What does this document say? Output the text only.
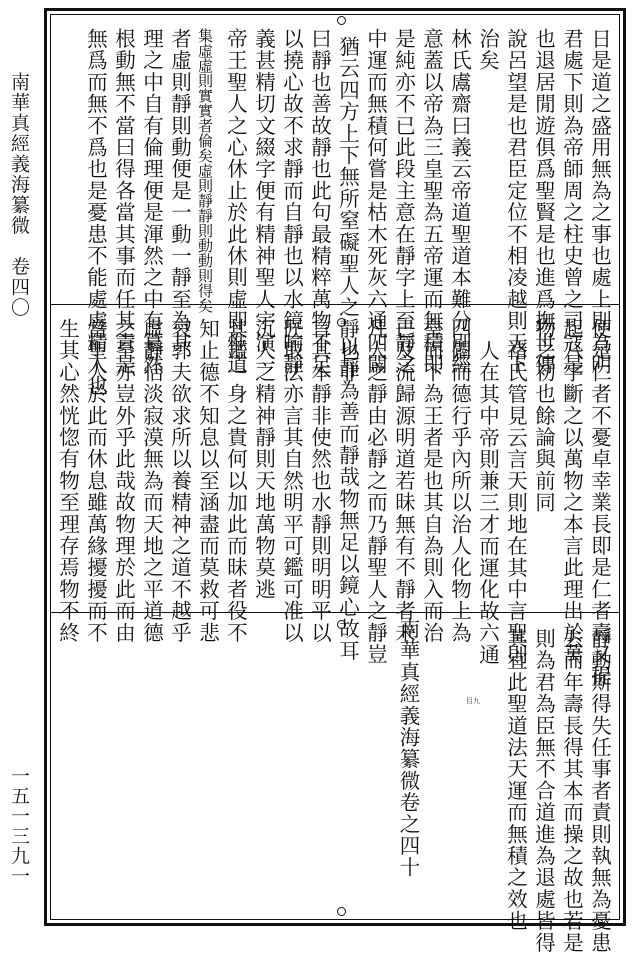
南華真經義海纂微　卷四〇
一五一三九一
日是道之盛用無為之事也處上則為明
君處下則為帝師周之柱史曾之司寇是
也退居閒遊俱爲聖賢是也進爲撫世傳
說呂望是也君臣定位不相凌越則天下
治矣
林氏鬳齋曰義云帝道聖道本難分別經
意蓋以帝為三皇聖為五帝運而無積即
是純亦不已此段主意在靜字上至靜之
中運而無積何嘗是枯木死灰六通四闢
猶云四方上下無所窒礙聖人之靜也非
曰靜也善故靜也此句最精粹萬物不足
以撓心故不求靜而自靜也以水鏡喻靜
義甚精切文綴字便有精神聖人宇演一
帝王聖人之心休止於此休則虛即惟道
集虛虛則實實者倫矣虛則靜靜則動動則得矣
者虛則靜則動便是一動一靜至為其
理之中自有倫理便是渾然之中有纂然
根動無不當曰得各當其事而任其責是
無爲而無不爲也是憂患不能處處精入也
便是仁者不憂卓幸業長即是仁者壽又提
起八字斷之以萬物之本言此理出於萬
物之初也餘論與前同
褚氏管見云言天則地在其中言聖則
人在其中帝則兼三才而運化故六通
四闢而德行乎內所以治人化物上為
皇而下為王者是也其自為則入而治
已及流歸源明道若昧無有不靜者未
凡人之靜由必靜之而乃靜聖人之靜豈
以靜為善而靜哉物無足以鏡心故耳
言其本靜非使然也水靜則明明平以
匠取法亦言其自然明平可鑑可准以
沉人之精神靜則天地萬物莫逃
其鑑一身之貴何以加此而昧者役不
知止德不知息以至涵盡而莫救可悲
哀郭夫欲求所以養精神之道不越乎
虛靜恬淡寂漠無為而天地之平道德
之至亦豈外乎此哉故物理於此而由
當聖人於此而休息雖萬緣擾擾而不
生其心然恍惚有物至理存焉物不終
靜動斯得失任事者責則執無為憂患
去而年壽長得其本而操之故也若是
則為君為臣無不合道進為退處皆得
其宜此聖道法天運而無積之效也
南華真經義海纂微卷之四十	㠯九
